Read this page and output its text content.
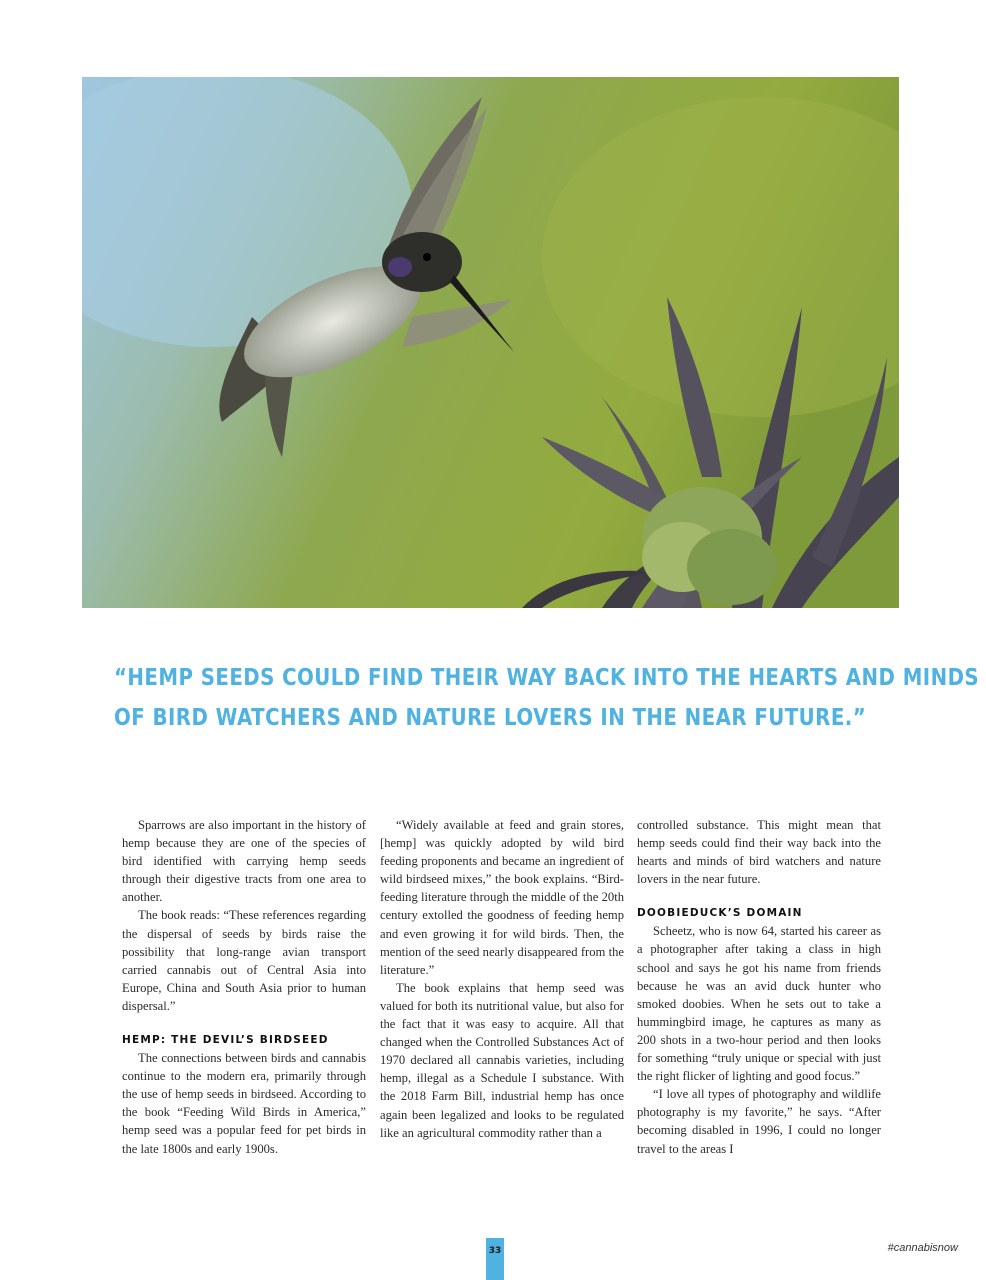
“HEMP SEEDS COULD FIND THEIR WAY BACK INTO THE HEARTS AND MINDS
OF BIRD WATCHERS AND NATURE LOVERS IN THE NEAR FUTURE.”

Sparrows are also important in the history of hemp because they are one of the species of bird identified with carrying hemp seeds through their digestive tracts from one area to another.

The book reads: “These references regarding the dispersal of seeds by birds raise the possibility that long-range avian transport carried cannabis out of Central Asia into Europe, China and South Asia prior to human dispersal.”

HEMP: THE DEVIL’S BIRDSEED

The connections between birds and cannabis continue to the modern era, primarily through the use of hemp seeds in birdseed. According to the book “Feeding Wild Birds in America,” hemp seed was a popular feed for pet birds in the late 1800s and early 1900s.

“Widely available at feed and grain stores, [hemp] was quickly adopted by wild bird feeding proponents and became an ingredient of wild birdseed mixes,” the book explains. “Bird-feeding literature through the middle of the 20th century extolled the goodness of feeding hemp and even growing it for wild birds. Then, the mention of the seed nearly disappeared from the literature.”

The book explains that hemp seed was valued for both its nutritional value, but also for the fact that it was easy to acquire. All that changed when the Controlled Substances Act of 1970 declared all cannabis varieties, including hemp, illegal as a Schedule I substance. With the 2018 Farm Bill, industrial hemp has once again been legalized and looks to be regulated like an agricultural commodity rather than a

controlled substance. This might mean that hemp seeds could find their way back into the hearts and minds of bird watchers and nature lovers in the near future.

DOOBIEDUCK’S DOMAIN

Scheetz, who is now 64, started his career as a photographer after taking a class in high school and says he got his name from friends because he was an avid duck hunter who smoked doobies. When he sets out to take a hummingbird image, he captures as many as 200 shots in a two-hour period and then looks for something “truly unique or special with just the right flicker of lighting and good focus.”

“I love all types of photography and wildlife photography is my favorite,” he says. “After becoming disabled in 1996, I could no longer travel to the areas I

33	#cannabisnow
